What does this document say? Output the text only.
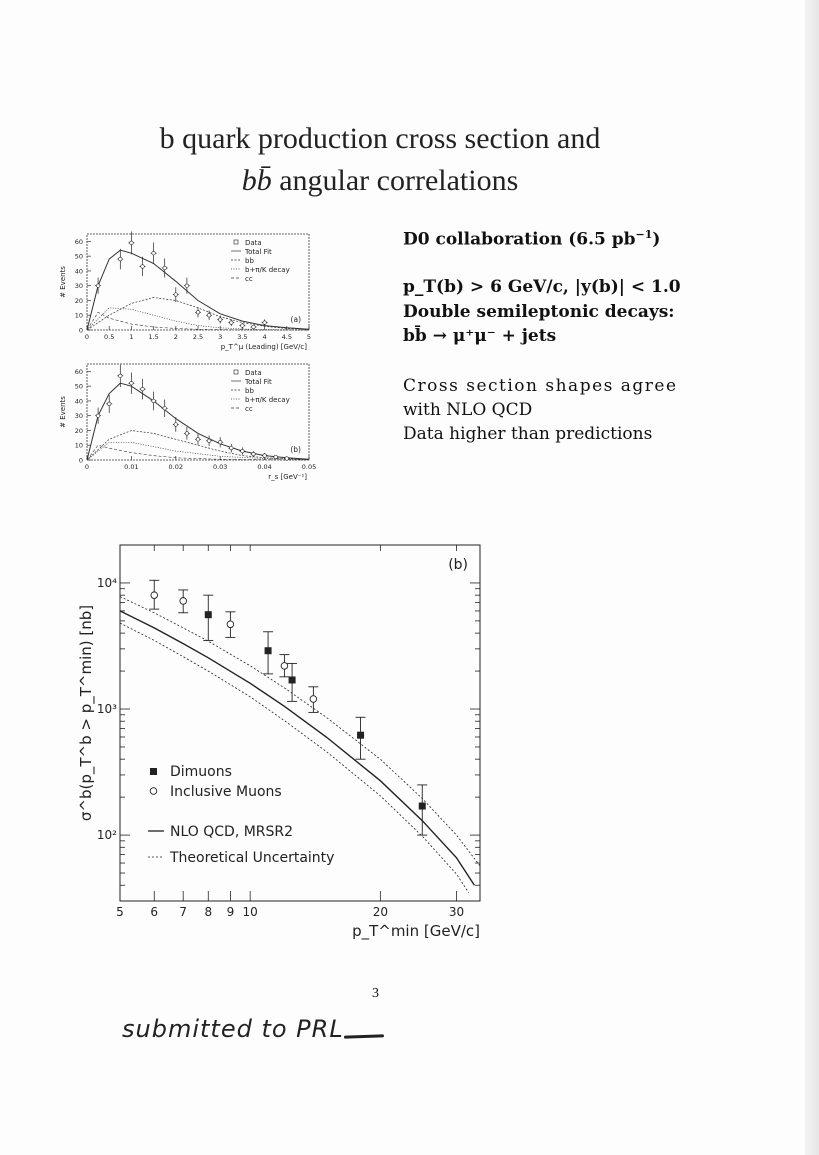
b quark production cross section and
bb̄ angular correlations
D0 collaboration (6.5 $pb^{-1}$)
p_T(b) > 6 GeV/c, |y(b)| < 1.0
Double semileptonic decays:
bb̄ → μ⁺μ⁻ + jets
Cross section shapes agree
with NLO QCD
Data higher than predictions
0
10
20
30
40
50
60
0 0.5 1 1.5 2 2.5 3 3.5 4 4.5 5
# Events
p_T^μ (Leading) [GeV/c]
(a)
Data
Total Fit
bb
b+π/K decay
cc
0
10
20
30
40
50
60
0	0.01	0.02	0.03	0.04	0.05
# Events
r_s [GeV⁻¹]
(b)
Data
Total Fit
bb
b+π/K decay
cc
5 6 7 8 9 10	20	30
10²
10³
10⁴
σ^b(p_T^b > p_T^min) [nb]
p_T^min [GeV/c]
(b)
Dimuons
Inclusive Muons
NLO QCD, MRSR2
Theoretical Uncertainty
3
submitted to PRL
